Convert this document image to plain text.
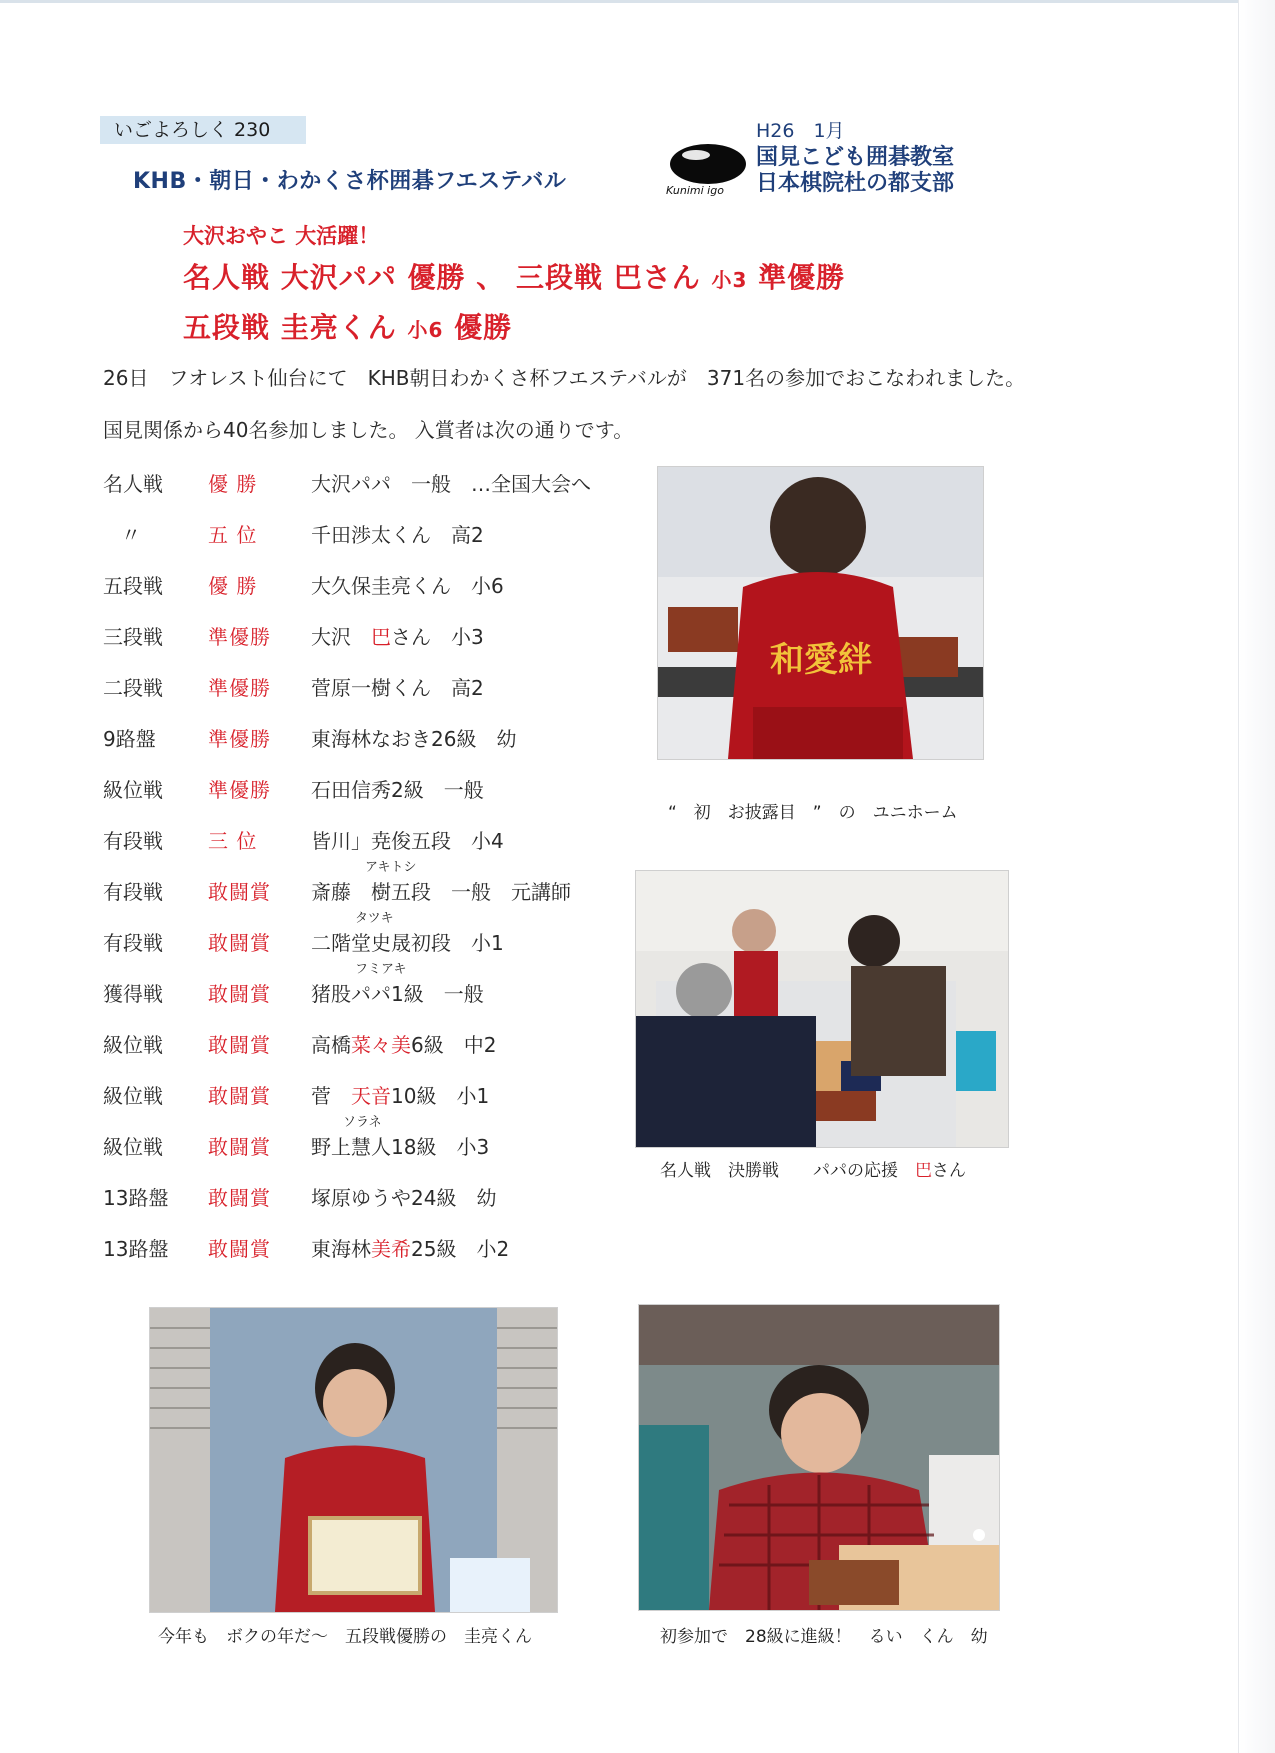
いごよろしく 230
KHB・朝日・わかくさ杯囲碁フエステバル	Kunimi igo
H26　1月
国見こども囲碁教室
日本棋院杜の都支部
大沢おやこ 大活躍！
名人戦 大沢パパ 優勝 、 三段戦 巴さん 小3 準優勝
五段戦 圭亮くん 小6 優勝
26日　フオレスト仙台にて　KHB朝日わかくさ杯フエステバルが　371名の参加でおこなわれました。
国見関係から40名参加しました。 入賞者は次の通りです。
名人戦 優 勝	大沢パパ　一般　…全国大会へ
〃	五 位	千田渉太くん　高2
五段戦 優 勝	大久保圭亮くん　小6
三段戦 準優勝 大沢　巴さん　小3
二段戦 準優勝 菅原一樹くん　高2
9路盤	準優勝 東海林なおき26級　幼
級位戦 準優勝 石田信秀2級　一般
有段戦 三 位	皆川」尭俊五段　小4
有段戦 敢闘賞 斎藤　樹五段　一般　元講師
アキトシ
有段戦 敢闘賞 二階堂史晟初段　小1
タツキ
獲得戦 敢闘賞 猪股パパ1級　一般
フミアキ
級位戦 敢闘賞 高橋菜々美6級　中2
級位戦 敢闘賞 菅　天音10級　小1
級位戦 敢闘賞 野上慧人18級　小3
ソラネ
13路盤 敢闘賞 塚原ゆうや24級　幼
13路盤 敢闘賞 東海林美希25級　小2
和愛絆
“　初　お披露目　”　の　ユニホーム
名人戦　決勝戦　　パパの応援　巴さん
今年も　ボクの年だ～　五段戦優勝の　圭亮くん	初参加で　28級に進級！　るい　くん　幼
